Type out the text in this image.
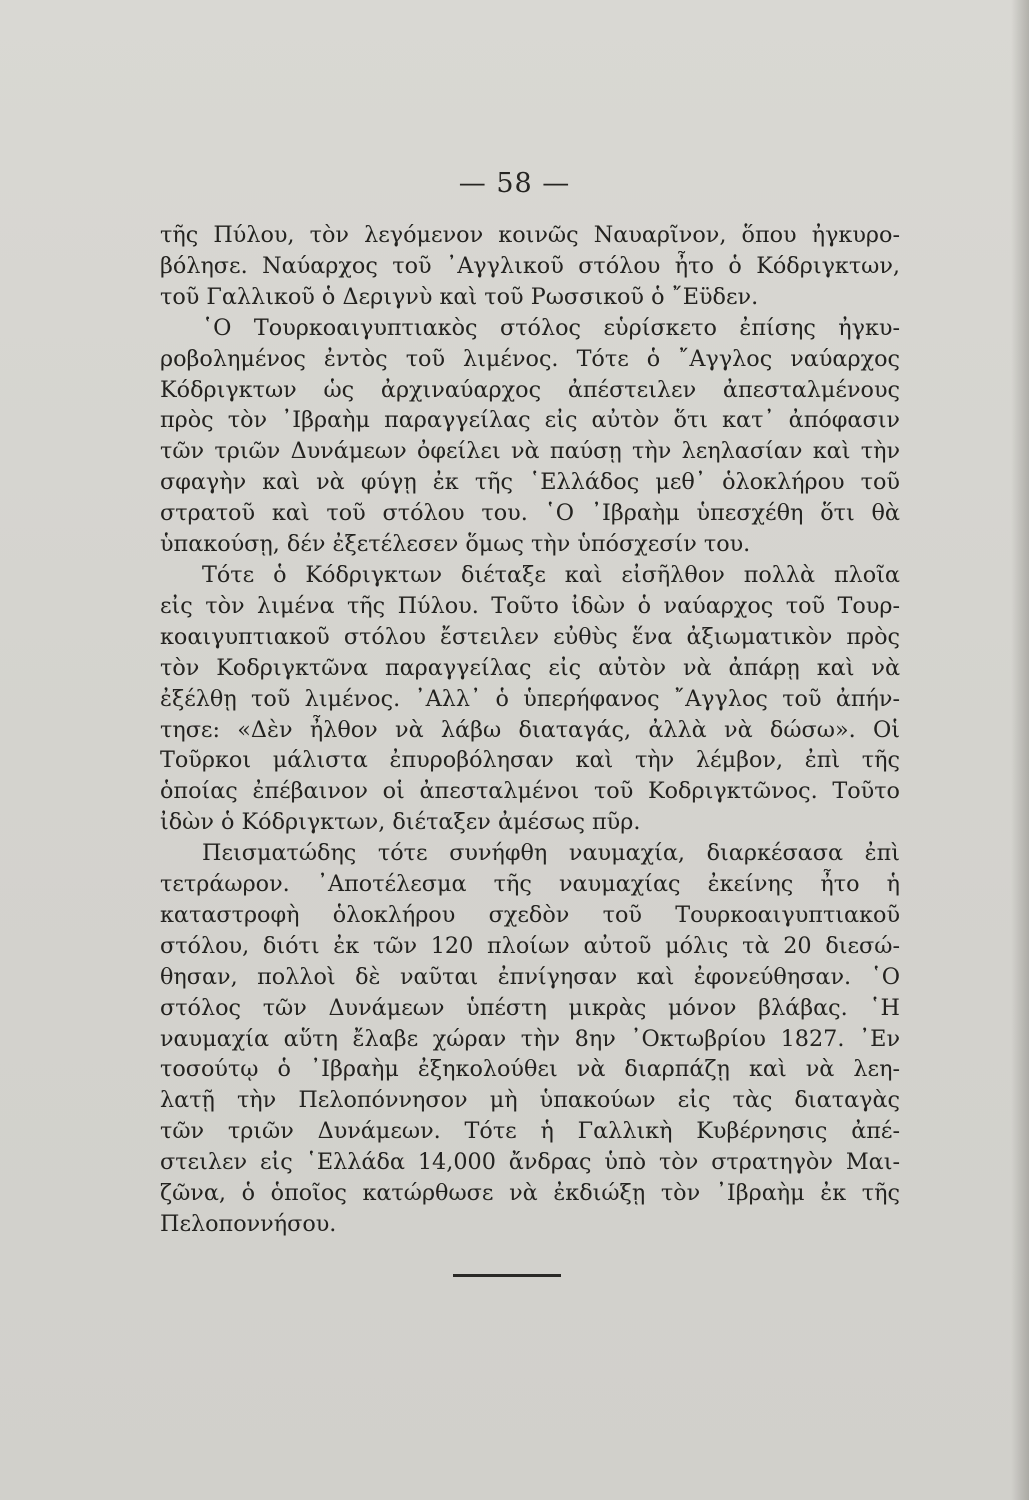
— 58 —

τῆς Πύλου, τὸν λεγόμενον κοινῶς Ναυαρῖνον, ὅπου ἠγκυρο-
βόλησε. Ναύαρχος τοῦ ᾿Αγγλικοῦ στόλου ἦτο ὁ Κόδριγκτων,
τοῦ Γαλλικοῦ ὁ Δεριγνὺ καὶ τοῦ Ρωσσικοῦ ὁ ῎Εϋδεν.

῾Ο Τουρκοαιγυπτιακὸς στόλος εὑρίσκετο ἐπίσης ἠγκυ-
ροβολημένος ἐντὸς τοῦ λιμένος. Τότε ὁ ῎Αγγλος ναύαρχος
Κόδριγκτων ὡς ἀρχιναύαρχος ἀπέστειλεν ἀπεσταλμένους
πρὸς τὸν ᾿Ιβραὴμ παραγγείλας εἰς αὐτὸν ὅτι κατ᾿ ἀπόφασιν
τῶν τριῶν Δυνάμεων ὀφείλει νὰ παύσῃ τὴν λεηλασίαν καὶ τὴν
σφαγὴν καὶ νὰ φύγῃ ἐκ τῆς ῾Ελλάδος μεθ᾿ ὁλοκλήρου τοῦ
στρατοῦ καὶ τοῦ στόλου του. ῾Ο ᾿Ιβραὴμ ὑπεσχέθη ὅτι θὰ
ὑπακούσῃ, δέν ἐξετέλεσεν ὅμως τὴν ὑπόσχεσίν του.

Τότε ὁ Κόδριγκτων διέταξε καὶ εἰσῆλθον πολλὰ πλοῖα
εἰς τὸν λιμένα τῆς Πύλου. Τοῦτο ἰδὼν ὁ ναύαρχος τοῦ Τουρ-
κοαιγυπτιακοῦ στόλου ἔστειλεν εὐθὺς ἕνα ἀξιωματικὸν πρὸς
τὸν Κοδριγκτῶνα παραγγείλας εἰς αὐτὸν νὰ ἀπάρῃ καὶ νὰ
ἐξέλθῃ τοῦ λιμένος. ᾿Αλλ᾿ ὁ ὑπερήφανος ῎Αγγλος τοῦ ἀπήν-
τησε: «Δὲν ἦλθον νὰ λάβω διαταγάς, ἀλλὰ νὰ δώσω». Οἱ
Τοῦρκοι μάλιστα ἐπυροβόλησαν καὶ τὴν λέμβον, ἐπὶ τῆς
ὁποίας ἐπέβαινον οἱ ἀπεσταλμένοι τοῦ Κοδριγκτῶνος. Τοῦτο
ἰδὼν ὁ Κόδριγκτων, διέταξεν ἀμέσως πῦρ.

Πεισματώδης τότε συνήφθη ναυμαχία, διαρκέσασα ἐπὶ
τετράωρον. ᾿Αποτέλεσμα τῆς ναυμαχίας ἐκείνης ἦτο ἡ
καταστροφὴ ὁλοκλήρου σχεδὸν τοῦ Τουρκοαιγυπτιακοῦ
στόλου, διότι ἐκ τῶν 120 πλοίων αὐτοῦ μόλις τὰ 20 διεσώ-
θησαν, πολλοὶ δὲ ναῦται ἐπνίγησαν καὶ ἐφονεύθησαν. ῾Ο
στόλος τῶν Δυνάμεων ὑπέστη μικρὰς μόνον βλάβας. ῾Η
ναυμαχία αὕτη ἔλαβε χώραν τὴν 8ην ᾿Οκτωβρίου 1827. ᾿Εν
τοσούτῳ ὁ ᾿Ιβραὴμ ἐξηκολούθει νὰ διαρπάζῃ καὶ νὰ λεη-
λατῇ τὴν Πελοπόννησον μὴ ὑπακούων εἰς τὰς διαταγὰς
τῶν τριῶν Δυνάμεων. Τότε ἡ Γαλλικὴ Κυβέρνησις ἀπέ-
στειλεν εἰς ῾Ελλάδα 14,000 ἄνδρας ὑπὸ τὸν στρατηγὸν Μαι-
ζῶνα, ὁ ὁποῖος κατώρθωσε νὰ ἐκδιώξῃ τὸν ᾿Ιβραὴμ ἐκ τῆς
Πελοποννήσου.
